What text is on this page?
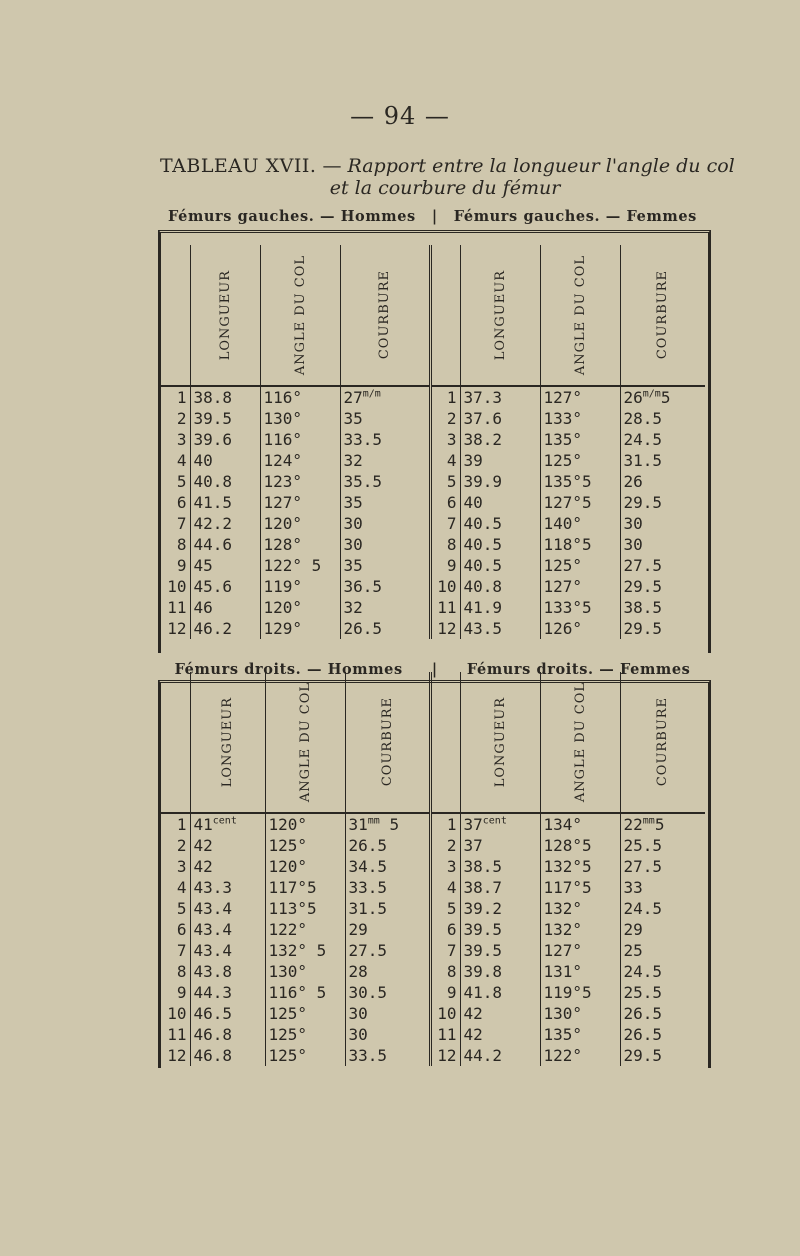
— 94 —
TABLEAU XVII. — Rapport entre la longueur l'angle du col
et la courbure du fémur
Fémurs gauches. — Hommes | Fémurs gauches. — Femmes

	LONGUEUR	ANGLE DU COL	COURBURE		LONGUEUR	ANGLE DU COL	COURBURE

1	38.8	116°	$27^{m/m}$	1	37.3	127°	$26^{m/m}5$
2	39.5	130°	35	2	37.6	133°	28.5
3	39.6	116°	33.5	3	38.2	135°	24.5
4	40	124°	32	4	39	125°	31.5
5	40.8	123°	35.5	5	39.9	135°5	26
6	41.5	127°	35	6	40	127°5	29.5
7	42.2	120°	30	7	40.5	140°	30
8	44.6	128°	30	8	40.5	118°5	30
9	45	122° 5	35	9	40.5	125°	27.5
10	45.6	119°	36.5	10	40.8	127°	29.5
11	46	120°	32	11	41.9	133°5	38.5
12	46.2	129°	26.5	12	43.5	126°	29.5
Fémurs droits. — Hommes | Fémurs droits. — Femmes

	LONGUEUR	ANGLE DU COL	COURBURE		LONGUEUR	ANGLE DU COL	COURBURE

1	$41^{cent}$	120°	$31^{mm}$ 5	1	$37^{cent}$	134°	$22^{mm}5$
2	42	125°	26.5	2	37	128°5	25.5
3	42	120°	34.5	3	38.5	132°5	27.5
4	43.3	117°5	33.5	4	38.7	117°5	33
5	43.4	113°5	31.5	5	39.2	132°	24.5
6	43.4	122°	29	6	39.5	132°	29
7	43.4	132° 5	27.5	7	39.5	127°	25
8	43.8	130°	28	8	39.8	131°	24.5
9	44.3	116° 5	30.5	9	41.8	119°5	25.5
10	46.5	125°	30	10	42	130°	26.5
11	46.8	125°	30	11	42	135°	26.5
12	46.8	125°	33.5	12	44.2	122°	29.5
